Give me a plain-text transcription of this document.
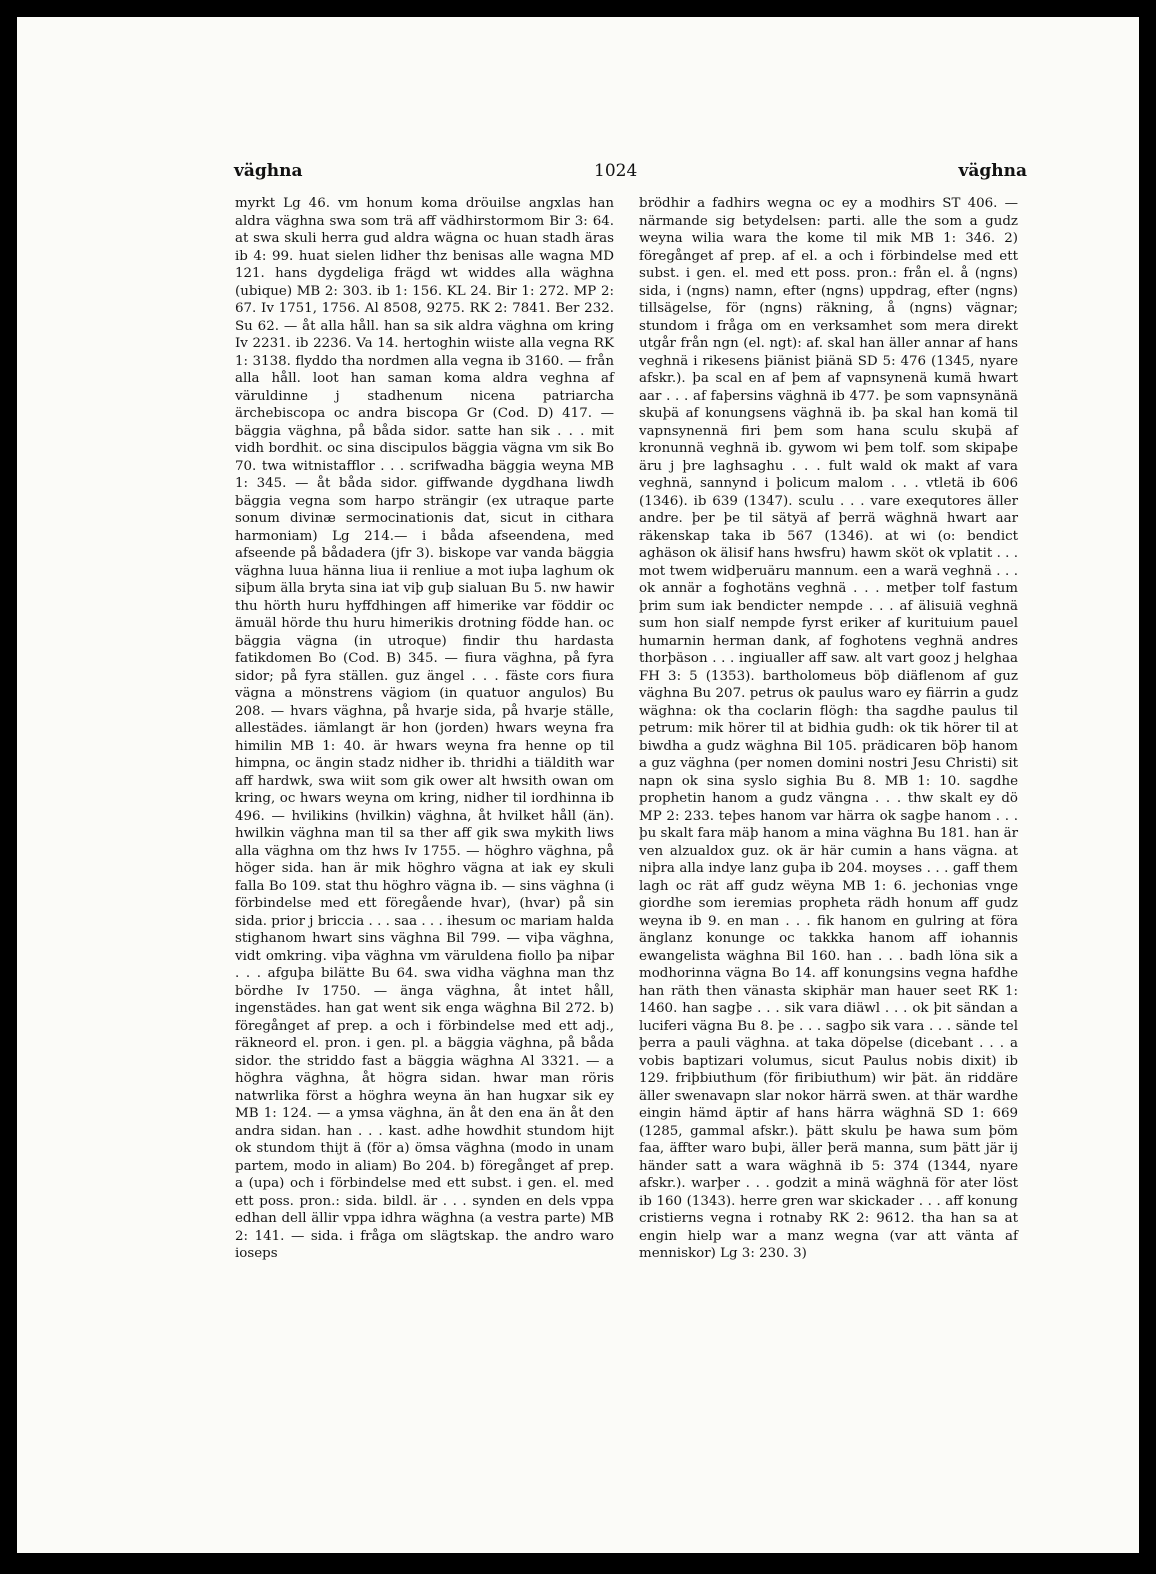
väghna	1024	väghna

myrkt Lg 46. vm honum koma dröuilse angxlas han aldra väghna swa som trä aff vädhirstormom Bir 3: 64. at swa skuli herra gud aldra wägna oc huan stadh äras ib 4: 99. huat sielen lidher thz benisas alle wagna MD 121. hans dygdeliga frägd wt widdes alla wäghna (ubique) MB 2: 303. ib 1: 156. KL 24. Bir 1: 272. MP 2: 67. Iv 1751, 1756. Al 8508, 9275. RK 2: 7841. Ber 232. Su 62. — åt alla håll. han sa sik aldra väghna om kring Iv 2231. ib 2236. Va 14. hertoghin wiiste alla vegna RK 1: 3138. flyddo tha nordmen alla vegna ib 3160. — från alla håll. loot han saman koma aldra veghna af väruldinne j stadhenum nicena patriarcha ärchebiscopa oc andra biscopa Gr (Cod. D) 417. — bäggia väghna, på båda sidor. satte han sik . . . mit vidh bordhit. oc sina discipulos bäggia vägna vm sik Bo 70. twa witnistafflor . . . scrifwadha bäggia weyna MB 1: 345. — åt båda sidor. giffwande dygdhana liwdh bäggia vegna som harpo strängir (ex utraque parte sonum divinæ sermocinationis dat, sicut in cithara harmoniam) Lg 214.— i båda afseendena, med afseende på bådadera (jfr 3). biskope var vanda bäggia väghna luua hänna liua ii renliue a mot iuþa laghum ok siþum älla bryta sina iat viþ guþ sialuan Bu 5. nw hawir thu hörth huru hyffdhingen aff himerike var föddir oc ämuäl hörde thu huru himerikis drotning födde han. oc bäggia vägna (in utroque) findir thu hardasta fatikdomen Bo (Cod. B) 345. — fiura väghna, på fyra sidor; på fyra ställen. guz ängel . . . fäste cors fiura vägna a mönstrens vägiom (in quatuor angulos) Bu 208. — hvars väghna, på hvarje sida, på hvarje ställe, allestädes. iämlangt är hon (jorden) hwars weyna fra himilin MB 1: 40. är hwars weyna fra henne op til himpna, oc ängin stadz nidher ib. thridhi a tiäldith war aff hardwk, swa wiit som gik ower alt hwsith owan om kring, oc hwars weyna om kring, nidher til iordhinna ib 496. — hvilikins (hvilkin) väghna, åt hvilket håll (än). hwilkin väghna man til sa ther aff gik swa mykith liws alla väghna om thz hws Iv 1755. — höghro väghna, på höger sida. han är mik höghro vägna at iak ey skuli falla Bo 109. stat thu höghro vägna ib. — sins väghna (i förbindelse med ett föregående hvar), (hvar) på sin sida. prior j briccia . . . saa . . . ihesum oc mariam halda stighanom hwart sins väghna Bil 799. — viþa väghna, vidt omkring. viþa väghna vm väruldena fiollo þa niþar . . . afguþa bilätte Bu 64. swa vidha väghna man thz bördhe Iv 1750. — änga väghna, åt intet håll, ingenstädes. han gat went sik enga wäghna Bil 272. b) föregånget af prep. a och i förbindelse med ett adj., räkneord el. pron. i gen. pl. a bäggia väghna, på båda sidor. the striddo fast a bäggia wäghna Al 3321. — a höghra väghna, åt högra sidan. hwar man röris natwrlika först a höghra weyna än han hugxar sik ey MB 1: 124. — a ymsa väghna, än åt den ena än åt den andra sidan. han . . . kast. adhe howdhit stundom hijt ok stundom thijt ä (för a) ömsa väghna (modo in unam partem, modo in aliam) Bo 204. b) föregånget af prep. a (upa) och i förbindelse med ett subst. i gen. el. med ett poss. pron.: sida. bildl. är . . . synden en dels vppa edhan dell ällir vppa idhra wäghna (a vestra parte) MB 2: 141. — sida. i fråga om slägtskap. the andro waro ioseps

brödhir a fadhirs wegna oc ey a modhirs ST 406. — närmande sig betydelsen: parti. alle the som a gudz weyna wilia wara the kome til mik MB 1: 346. 2) föregånget af prep. af el. a och i förbindelse med ett subst. i gen. el. med ett poss. pron.: från el. å (ngns) sida, i (ngns) namn, efter (ngns) uppdrag, efter (ngns) tillsägelse, för (ngns) räkning, å (ngns) vägnar; stundom i fråga om en verksamhet som mera direkt utgår från ngn (el. ngt): af. skal han äller annar af hans veghnä i rikesens þiänist þiänä SD 5: 476 (1345, nyare afskr.). þa scal en af þem af vapnsynenä kumä hwart aar . . . af faþersins väghnä ib 477. þe som vapnsynänä skuþä af konungsens väghnä ib. þa skal han komä til vapnsynennä firi þem som hana sculu skuþä af kronunnä veghnä ib. gywom wi þem tolf. som skipaþe äru j þre laghsaghu . . . fult wald ok makt af vara veghnä, sannynd i þolicum malom . . . vtletä ib 606 (1346). ib 639 (1347). sculu . . . vare exequtores äller andre. þer þe til sätyä af þerrä wäghnä hwart aar räkenskap taka ib 567 (1346). at wi (o: bendict aghäson ok älisif hans hwsfru) hawm sköt ok vplatit . . . mot twem widþeruäru mannum. een a warä veghnä . . . ok annär a foghotäns veghnä . . . metþer tolf fastum þrim sum iak bendicter nempde . . . af älisuiä veghnä sum hon sialf nempde fyrst eriker af kurituium pauel humarnin herman dank, af foghotens veghnä andres thorþäson . . . ingiualler aff saw. alt vart gooz j helghaa FH 3: 5 (1353). bartholomeus böþ diäflenom af guz väghna Bu 207. petrus ok paulus waro ey fiärrin a gudz wäghna: ok tha coclarin flögh: tha sagdhe paulus til petrum: mik hörer til at bidhia gudh: ok tik hörer til at biwdha a gudz wäghna Bil 105. prädicaren böþ hanom a guz väghna (per nomen domini nostri Jesu Christi) sit napn ok sina syslo sighia Bu 8. MB 1: 10. sagdhe prophetin hanom a gudz vängna . . . thw skalt ey dö MP 2: 233. teþes hanom var härra ok sagþe hanom . . . þu skalt fara mäþ hanom a mina väghna Bu 181. han är ven alzualdox guz. ok är här cumin a hans vägna. at niþra alla indye lanz guþa ib 204. moyses . . . gaff them lagh oc rät aff gudz wëyna MB 1: 6. jechonias vnge giordhe som ieremias propheta rädh honum aff gudz weyna ib 9. en man . . . fik hanom en gulring at föra änglanz konunge oc takkka hanom aff iohannis ewangelista wäghna Bil 160. han . . . badh löna sik a modhorinna vägna Bo 14. aff konungsins vegna hafdhe han räth then vänasta skiphär man hauer seet RK 1: 1460. han sagþe . . . sik vara diäwl . . . ok þit sändan a luciferi vägna Bu 8. þe . . . sagþo sik vara . . . sände tel þerra a pauli väghna. at taka döpelse (dicebant . . . a vobis baptizari volumus, sicut Paulus nobis dixit) ib 129. friþbiuthum (för firibiuthum) wir þät. än riddäre äller swenavapn slar nokor härrä swen. at thär wardhe eingin hämd äptir af hans härra wäghnä SD 1: 669 (1285, gammal afskr.). þätt skulu þe hawa sum þöm faa, äffter waro buþi, äller þerä manna, sum þätt jär ij händer satt a wara wäghnä ib 5: 374 (1344, nyare afskr.). warþer . . . godzit a minä wäghnä för ater löst ib 160 (1343). herre gren war skickader . . . aff konung cristierns vegna i rotnaby RK 2: 9612. tha han sa at engin hielp war a manz wegna (var att vänta af menniskor) Lg 3: 230. 3)
